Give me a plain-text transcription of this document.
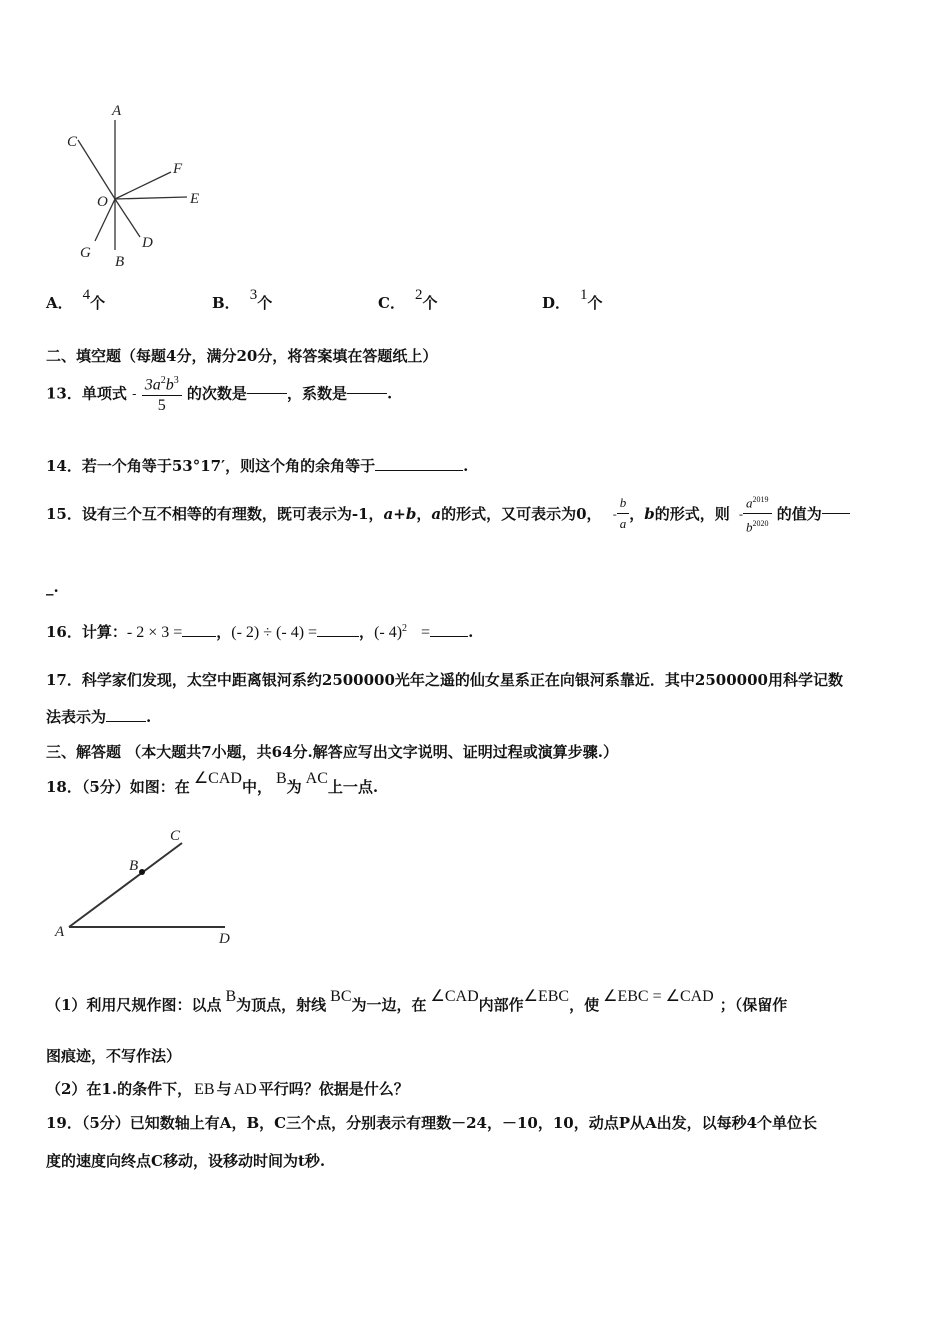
A
C
F
E
O
G
D
B
A． 4个	B． 3个	C． 2个	D． 1个
二、填空题（每题4分，满分20分，将答案填在答题纸上）
13．单项式 - $\frac{3a^2b^3}{5}$ 的次数是	，系数是	.
14．若一个角等于53°17′，则这个角的余角等于	.
15．设有三个互不相等的有理数，既可表示为-1，a+b，a的形式，又可表示为0， - $\frac{b}{a}$ ，b的形式，则 - $\frac{a^{2019}}{b^{2020}}$ 的值为
_.
16．计算：- 2 × 3 = ，(- 2) ÷ (- 4) =	，(- 4)$^2$ =	.
17．科学家们发现，太空中距离银河系约2500000光年之遥的仙女星系正在向银河系靠近．其中2500000用科学记数
法表示为	.
三、解答题 （本大题共7小题，共64分.解答应写出文字说明、证明过程或演算步骤.）
18．（5分）如图：在 ∠CAD中， B为 AC上一点.
C
B
A	D
（1）利用尺规作图：以点 B为顶点，射线 BC为一边，在 ∠CAD内部作∠EBC，使 ∠EBC = ∠CAD ；（保留作
图痕迹，不写作法）
（2）在1.的条件下， EB 与 AD 平行吗？依据是什么？
19．（5分）已知数轴上有A，B，C三个点，分别表示有理数－24，－10，10，动点P从A出发，以每秒4个单位长
度的速度向终点C移动，设移动时间为t秒.
